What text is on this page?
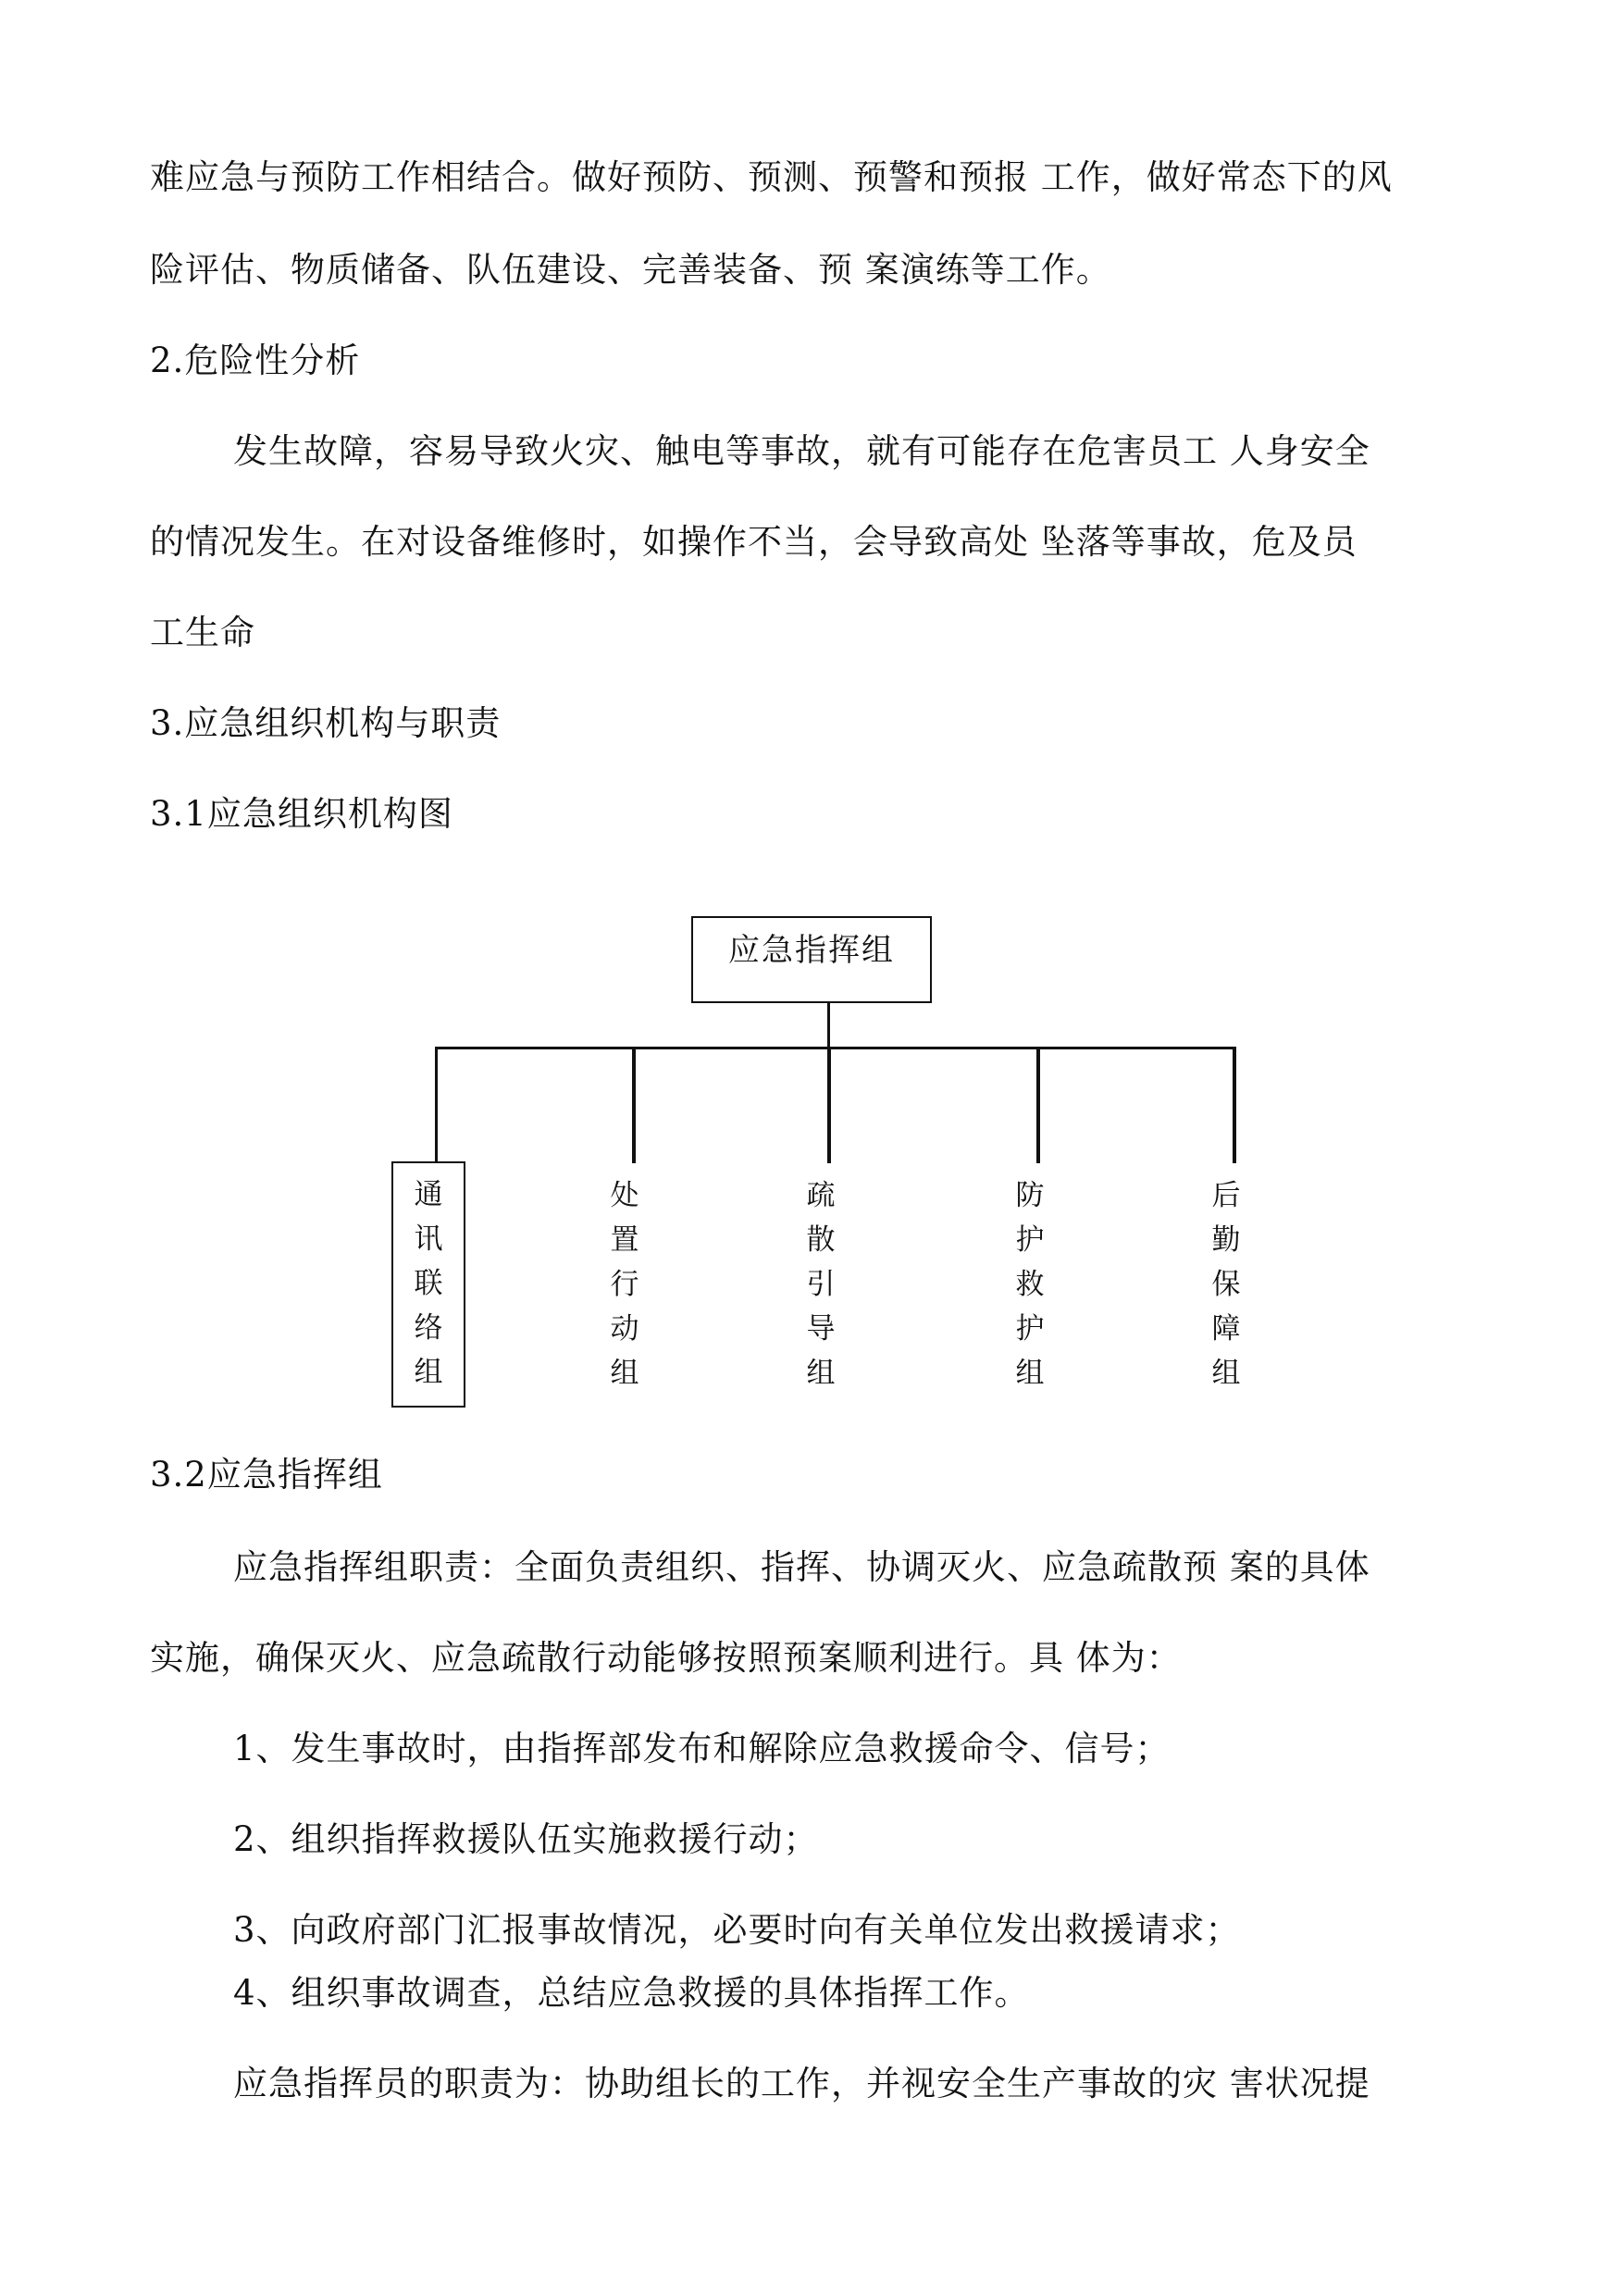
难应急与预防工作相结合。做好预防、预测、预警和预报 工作，做好常态下的风
险评估、物质储备、队伍建设、完善装备、预 案演练等工作。
2.危险性分析
发生故障，容易导致火灾、触电等事故，就有可能存在危害员工 人身安全
的情况发生。在对设备维修时，如操作不当，会导致高处 坠落等事故，危及员
工生命
3.应急组织机构与职责
3.1应急组织机构图
应急指挥组
通
讯
联
络
组
处
置
行
动
组
疏
散
引
导
组
防
护
救
护
组
后
勤
保
障
组
3.2应急指挥组
应急指挥组职责：全面负责组织、指挥、协调灭火、应急疏散预 案的具体
实施，确保灭火、应急疏散行动能够按照预案顺利进行。具 体为：
1、发生事故时，由指挥部发布和解除应急救援命令、信号；
2、组织指挥救援队伍实施救援行动；
3、向政府部门汇报事故情况，必要时向有关单位发出救援请求；
4、组织事故调查，总结应急救援的具体指挥工作。
应急指挥员的职责为：协助组长的工作，并视安全生产事故的灾 害状况提
